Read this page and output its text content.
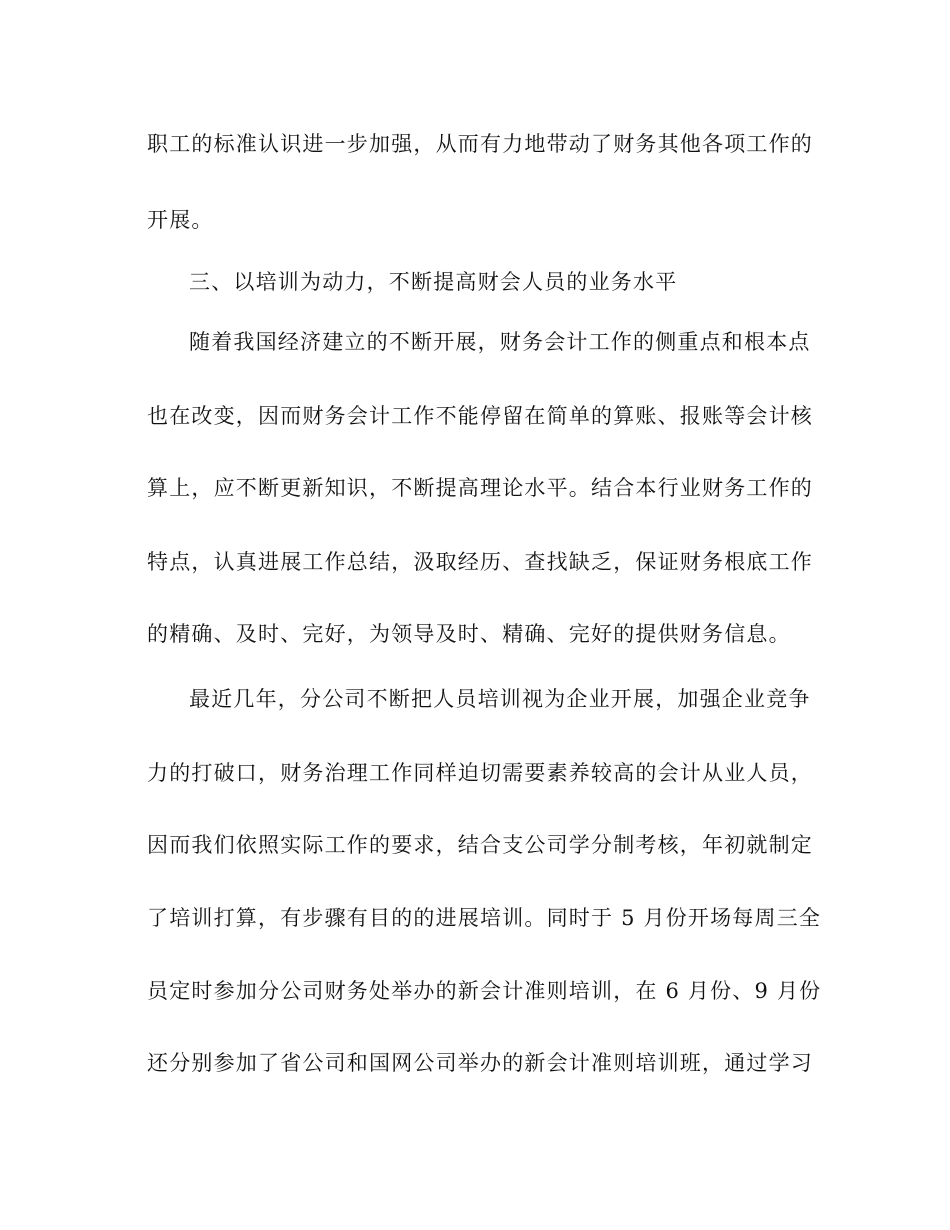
职工的标准认识进一步加强，从而有力地带动了财务其他各项工作的
开展。
三、以培训为动力，不断提高财会人员的业务水平
随着我国经济建立的不断开展，财务会计工作的侧重点和根本点
也在改变，因而财务会计工作不能停留在简单的算账、报账等会计核
算上，应不断更新知识，不断提高理论水平。结合本行业财务工作的
特点，认真进展工作总结，汲取经历、查找缺乏，保证财务根底工作
的精确、及时、完好，为领导及时、精确、完好的提供财务信息。
最近几年，分公司不断把人员培训视为企业开展，加强企业竞争
力的打破口，财务治理工作同样迫切需要素养较高的会计从业人员，
因而我们依照实际工作的要求，结合支公司学分制考核，年初就制定
了培训打算，有步骤有目的的进展培训。同时于 5 月份开场每周三全
员定时参加分公司财务处举办的新会计准则培训，在 6 月份、9 月份
还分别参加了省公司和国网公司举办的新会计准则培训班，通过学习
